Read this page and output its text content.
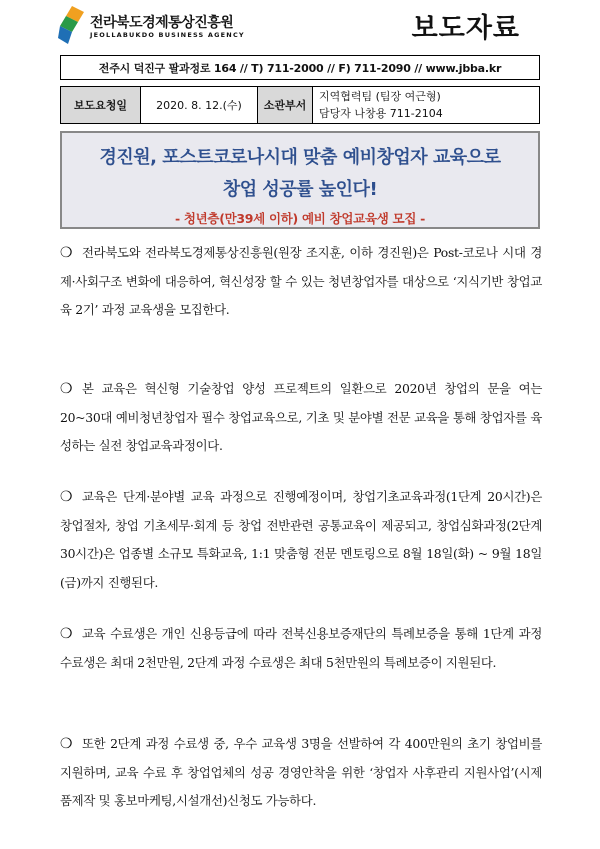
전라북도경제통상진흥원
JEOLLABUKDO BUSINESS AGENCY	보도자료
전주시 덕진구 팔과정로 164 // T) 711-2000 // F) 711-2090 // www.jbba.kr
보도요청일	2020. 8. 12.(수)	소관부서
지역협력팀 (팀장 여근형)
담당자 나창용 711-2104
경진원, 포스트코로나시대 맞춤 예비창업자 교육으로
창업 성공률 높인다!
- 청년층(만39세 이하) 예비 창업교육생 모집 -
❍ 전라북도와 전라북도경제통상진흥원(원장 조지훈, 이하 경진원)은 Post-코로나 시대 경제·사회구조 변화에 대응하여, 혁신성장 할 수 있는 청년창업자를 대상으로 ‘지식기반 창업교육 2기’ 과정 교육생을 모집한다.
❍ 본 교육은 혁신형 기술창업 양성 프로젝트의 일환으로 2020년 창업의 문을 여는 20~30대 예비청년창업자 필수 창업교육으로, 기초 및 분야별 전문 교육을 통해 창업자를 육성하는 실전 창업교육과정이다.
❍ 교육은 단계·분야별 교육 과정으로 진행예정이며, 창업기초교육과정(1단계 20시간)은 창업절차, 창업 기초세무·회계 등 창업 전반관련 공통교육이 제공되고, 창업심화과정(2단계 30시간)은 업종별 소규모 특화교육, 1:1 맞춤형 전문 멘토링으로 8월 18일(화) ~ 9월 18일(금)까지 진행된다.
❍ 교육 수료생은 개인 신용등급에 따라 전북신용보증재단의 특례보증을 통해 1단계 과정 수료생은 최대 2천만원, 2단계 과정 수료생은 최대 5천만원의 특례보증이 지원된다.
❍ 또한 2단계 과정 수료생 중, 우수 교육생 3명을 선발하여 각 400만원의 초기 창업비를 지원하며, 교육 수료 후 창업업체의 성공 경영안착을 위한 ‘창업자 사후관리 지원사업’(시제품제작 및 홍보마케팅,시설개선)신청도 가능하다.
